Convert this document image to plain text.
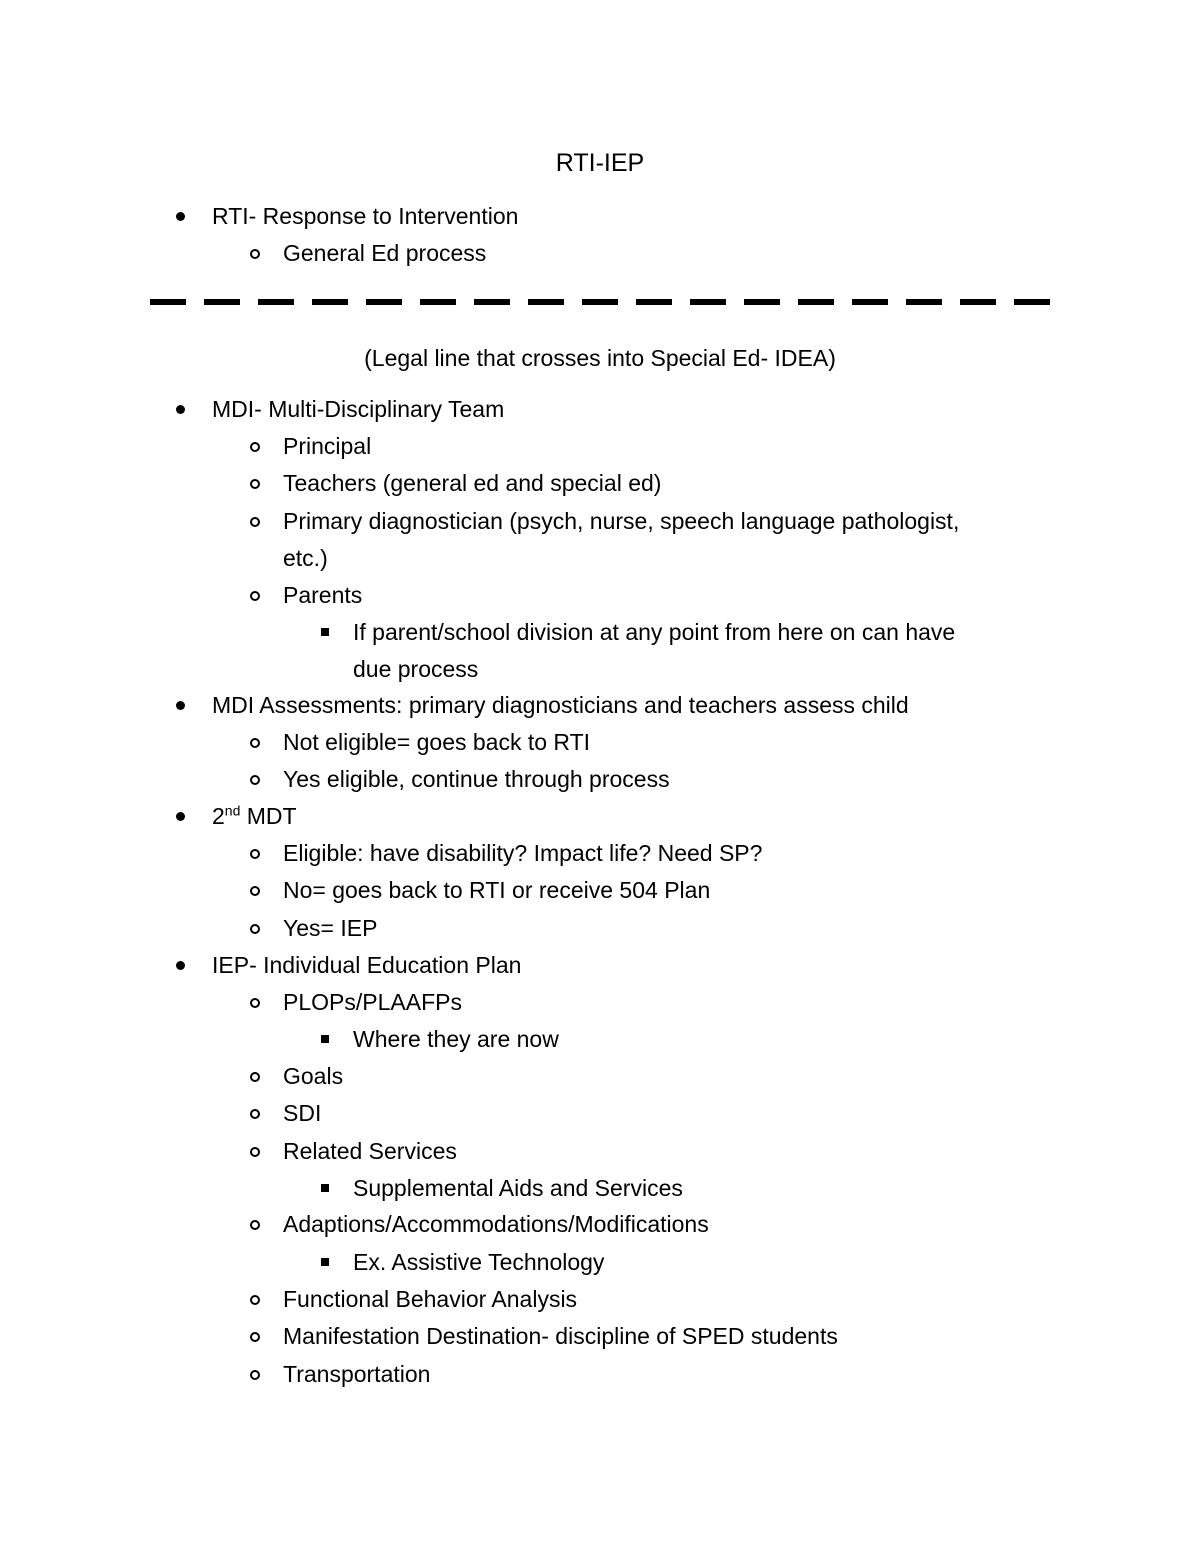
RTI-IEP
RTI- Response to Intervention
General Ed process
(Legal line that crosses into Special Ed- IDEA)
MDI- Multi-Disciplinary Team
Principal
Teachers (general ed and special ed)
Primary diagnostician (psych, nurse, speech language pathologist,
etc.)
Parents
If parent/school division at any point from here on can have
due process
MDI Assessments: primary diagnosticians and teachers assess child
Not eligible= goes back to RTI
Yes eligible, continue through process
2nd MDT
Eligible: have disability? Impact life? Need SP?
No= goes back to RTI or receive 504 Plan
Yes= IEP
IEP- Individual Education Plan
PLOPs/PLAAFPs
Where they are now
Goals
SDI
Related Services
Supplemental Aids and Services
Adaptions/Accommodations/Modifications
Ex. Assistive Technology
Functional Behavior Analysis
Manifestation Destination- discipline of SPED students
Transportation
